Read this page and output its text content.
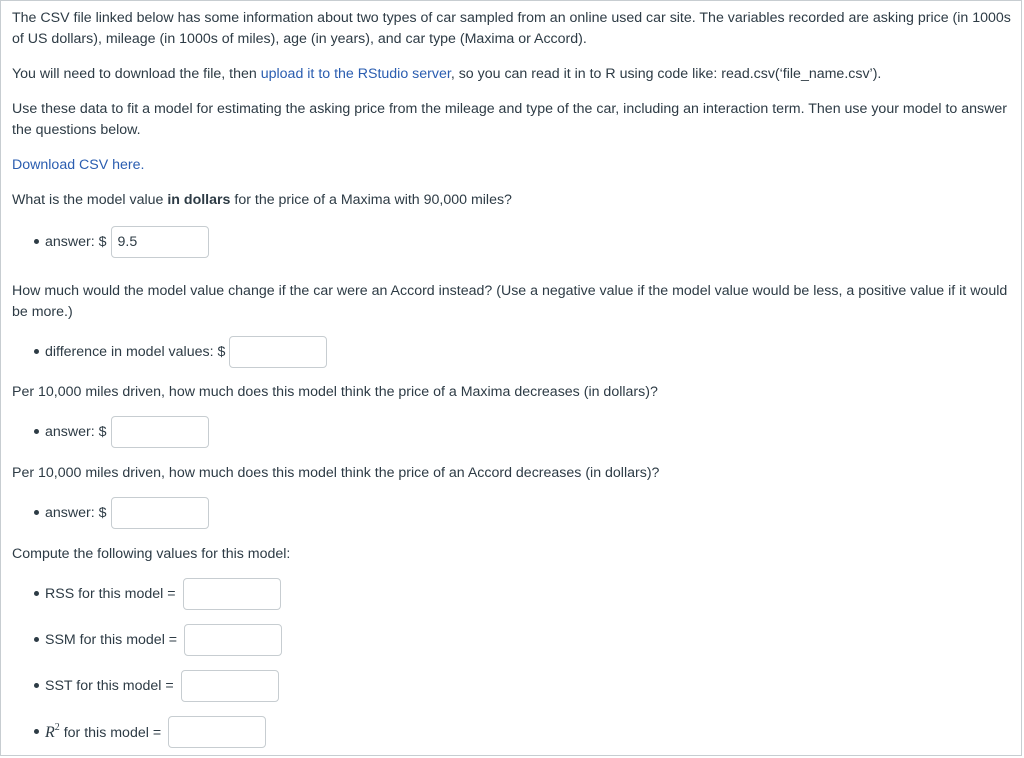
The CSV file linked below has some information about two types of car sampled from an online used car site. The variables recorded are asking price (in 1000s of US dollars), mileage (in 1000s of miles), age (in years), and car type (Maxima or Accord).

You will need to download the file, then upload it to the RStudio server, so you can read it in to R using code like: read.csv(‘file_name.csv’).

Use these data to fit a model for estimating the asking price from the mileage and type of the car, including an interaction term. Then use your model to answer the questions below.

Download CSV here.

What is the model value in dollars for the price of a Maxima with 90,000 miles?

answer: $ 9.5

How much would the model value change if the car were an Accord instead? (Use a negative value if the model value would be less, a positive value if it would be more.)

difference in model values: $

Per 10,000 miles driven, how much does this model think the price of a Maxima decreases (in dollars)?

answer: $

Per 10,000 miles driven, how much does this model think the price of an Accord decreases (in dollars)?

answer: $

Compute the following values for this model:

RSS for this model =
SSM for this model =
SST for this model =
$R^2$ for this model =
